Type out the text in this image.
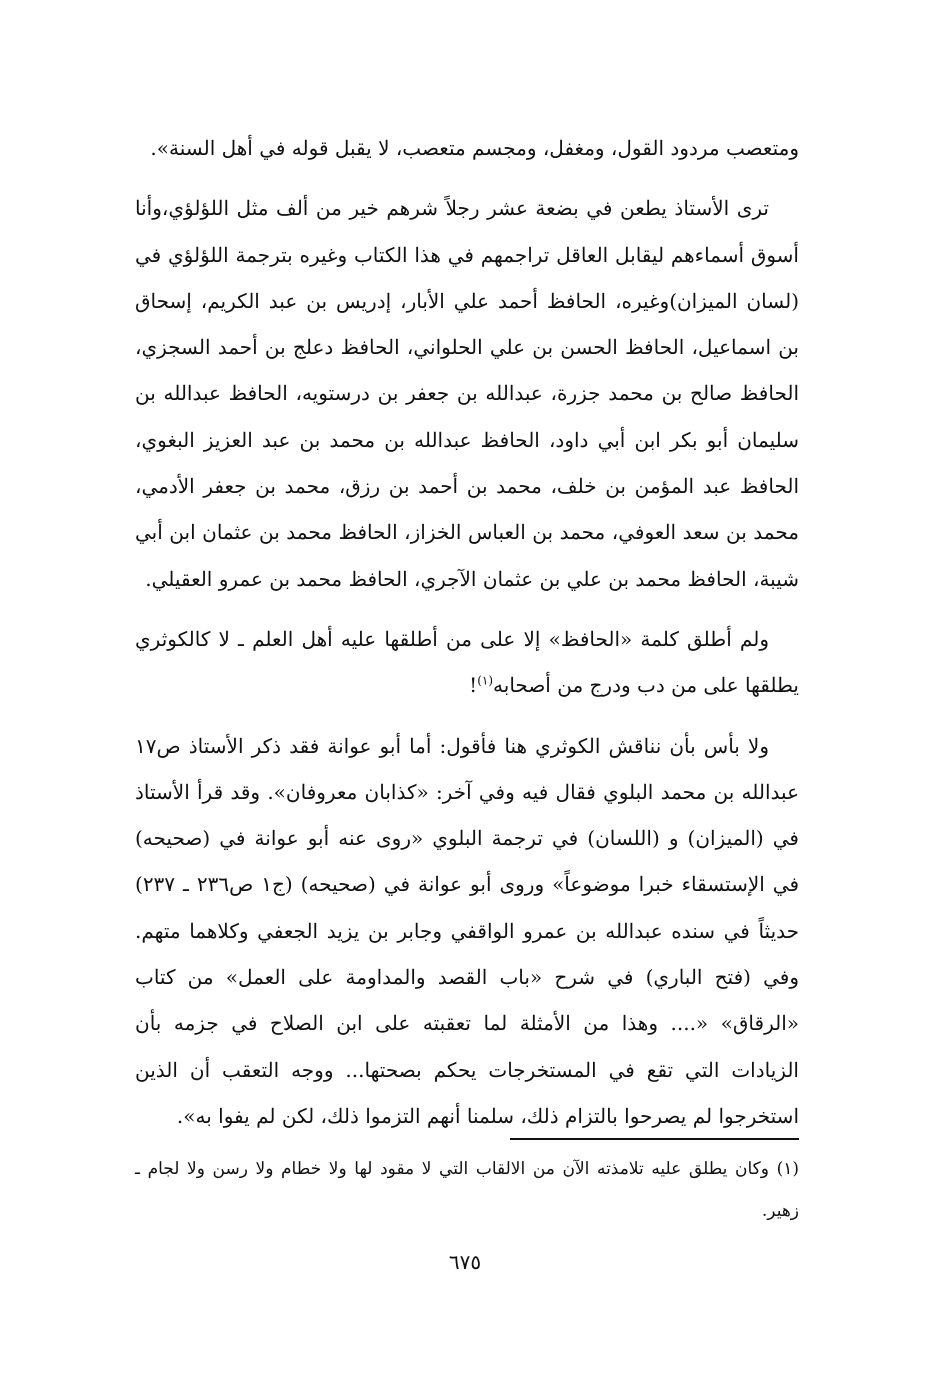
ومتعصب مردود القول، ومغفل، ومجسم متعصب، لا يقبل قوله في أهل السنة».

ترى الأستاذ يطعن في بضعة عشر رجلاً شرهم خير من ألف مثل اللؤلؤي،وأنا أسوق أسماءهم ليقابل العاقل تراجمهم في هذا الكتاب وغيره بترجمة اللؤلؤي في (لسان الميزان)وغيره، الحافظ أحمد علي الأبار، إدريس بن عبد الكريم، إسحاق بن اسماعيل، الحافظ الحسن بن علي الحلواني، الحافظ دعلج بن أحمد السجزي، الحافظ صالح بن محمد جزرة، عبدالله بن جعفر بن درستويه، الحافظ عبدالله بن سليمان أبو بكر ابن أبي داود، الحافظ عبدالله بن محمد بن عبد العزيز البغوي، الحافظ عبد المؤمن بن خلف، محمد بن أحمد بن رزق، محمد بن جعفر الأدمي، محمد بن سعد العوفي، محمد بن العباس الخزاز، الحافظ محمد بن عثمان ابن أبي شيبة، الحافظ محمد بن علي بن عثمان الآجري، الحافظ محمد بن عمرو العقيلي.

ولم أطلق كلمة «الحافظ» إلا على من أطلقها عليه أهل العلم ـ لا كالكوثري يطلقها على من دب ودرج من أصحابه$^{(١)}$!

ولا بأس بأن نناقش الكوثري هنا فأقول: أما أبو عوانة فقد ذكر الأستاذ ص١٧ عبدالله بن محمد البلوي فقال فيه وفي آخر: «كذابان معروفان». وقد قرأ الأستاذ في (الميزان) و (اللسان) في ترجمة البلوي «روى عنه أبو عوانة في (صحيحه) في الإستسقاء خبرا موضوعاً» وروى أبو عوانة في (صحيحه) (ج١ ص٢٣٦ ـ ٢٣٧) حديثاً في سنده عبدالله بن عمرو الواقفي وجابر بن يزيد الجعفي وكلاهما متهم. وفي (فتح الباري) في شرح «باب القصد والمداومة على العمل» من كتاب «الرقاق» «.... وهذا من الأمثلة لما تعقبته على ابن الصلاح في جزمه بأن الزيادات التي تقع في المستخرجات يحكم بصحتها... ووجه التعقب أن الذين استخرجوا لم يصرحوا بالتزام ذلك، سلمنا أنهم التزموا ذلك، لكن لم يفوا به».

(١) وكان يطلق عليه تلامذته الآن من الالقاب التي لا مقود لها ولا خطام ولا رسن ولا لجام ـ زهير.

٦٧٥
